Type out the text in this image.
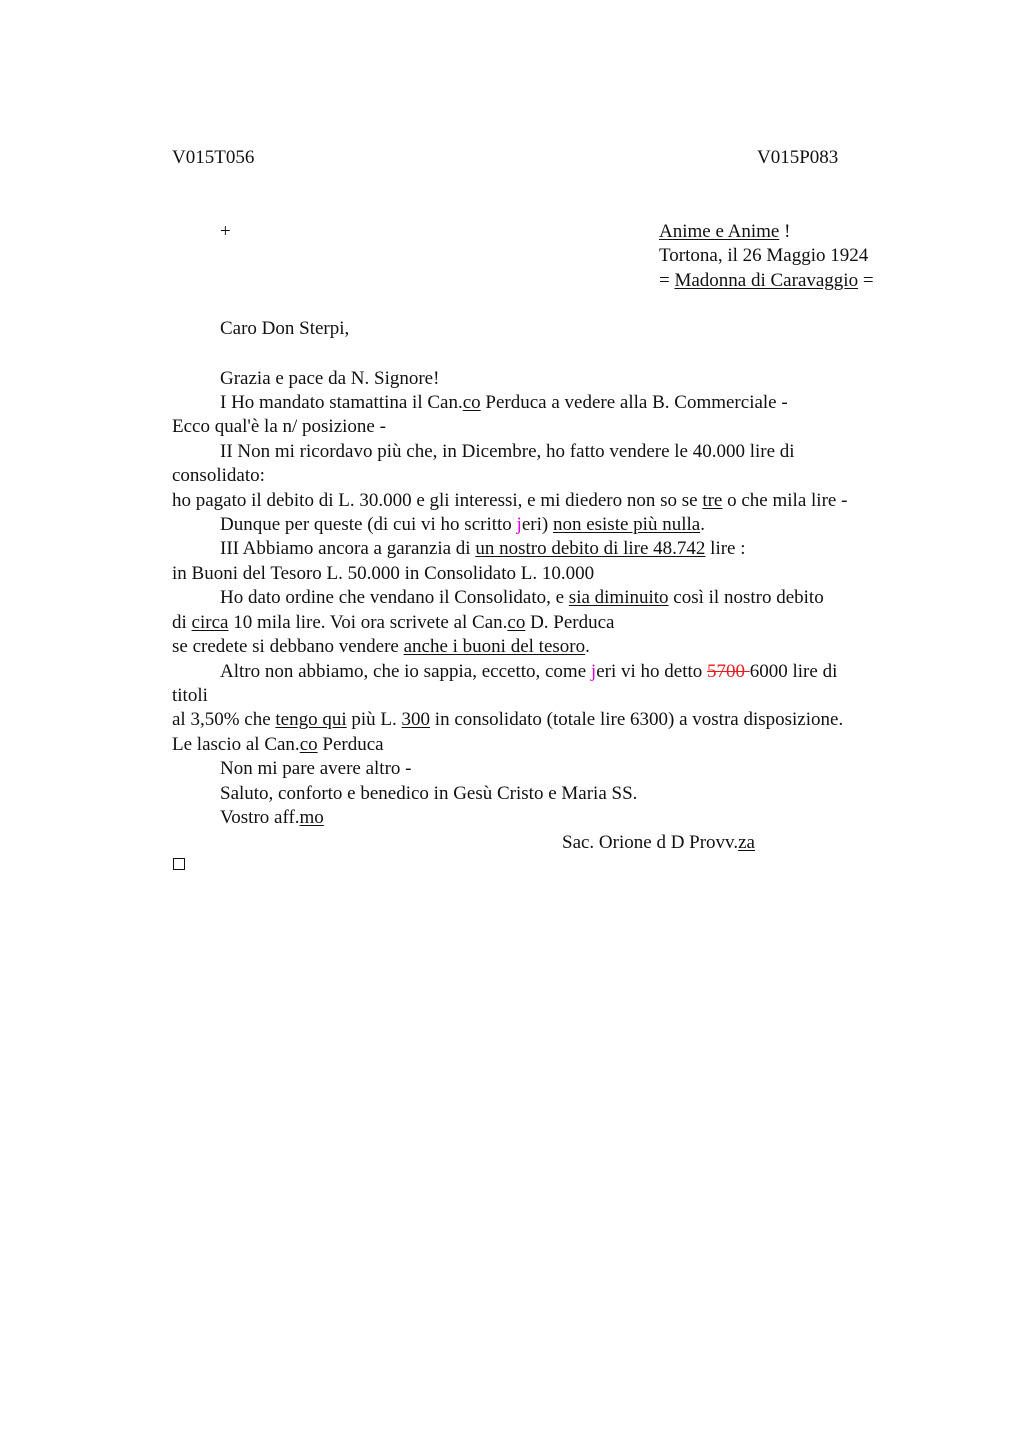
V015T056	V015P083
+	Anime e Anime !
Tortona, il 26 Maggio 1924
= Madonna di Caravaggio =
Caro Don Sterpi,
Grazia e pace da N. Signore!
I Ho mandato stamattina il Can.co Perduca a vedere alla B. Commerciale -
Ecco qual'è la n/ posizione -
II Non mi ricordavo più che, in Dicembre, ho fatto vendere le 40.000 lire di
consolidato:
ho pagato il debito di L. 30.000 e gli interessi, e mi diedero non so se tre o che mila lire -
Dunque per queste (di cui vi ho scritto jeri) non esiste più nulla.
III Abbiamo ancora a garanzia di un nostro debito di lire 48.742 lire :
in Buoni del Tesoro L. 50.000 in Consolidato L. 10.000
Ho dato ordine che vendano il Consolidato, e sia diminuito così il nostro debito
di circa 10 mila lire. Voi ora scrivete al Can.co D. Perduca
se credete si debbano vendere anche i buoni del tesoro.
Altro non abbiamo, che io sappia, eccetto, come jeri vi ho detto 5700 6000 lire di
titoli
al 3,50% che tengo qui più L. 300 in consolidato (totale lire 6300) a vostra disposizione.
Le lascio al Can.co Perduca
Non mi pare avere altro -
Saluto, conforto e benedico in Gesù Cristo e Maria SS.
Vostro aff.mo
Sac. Orione d D Provv.za
